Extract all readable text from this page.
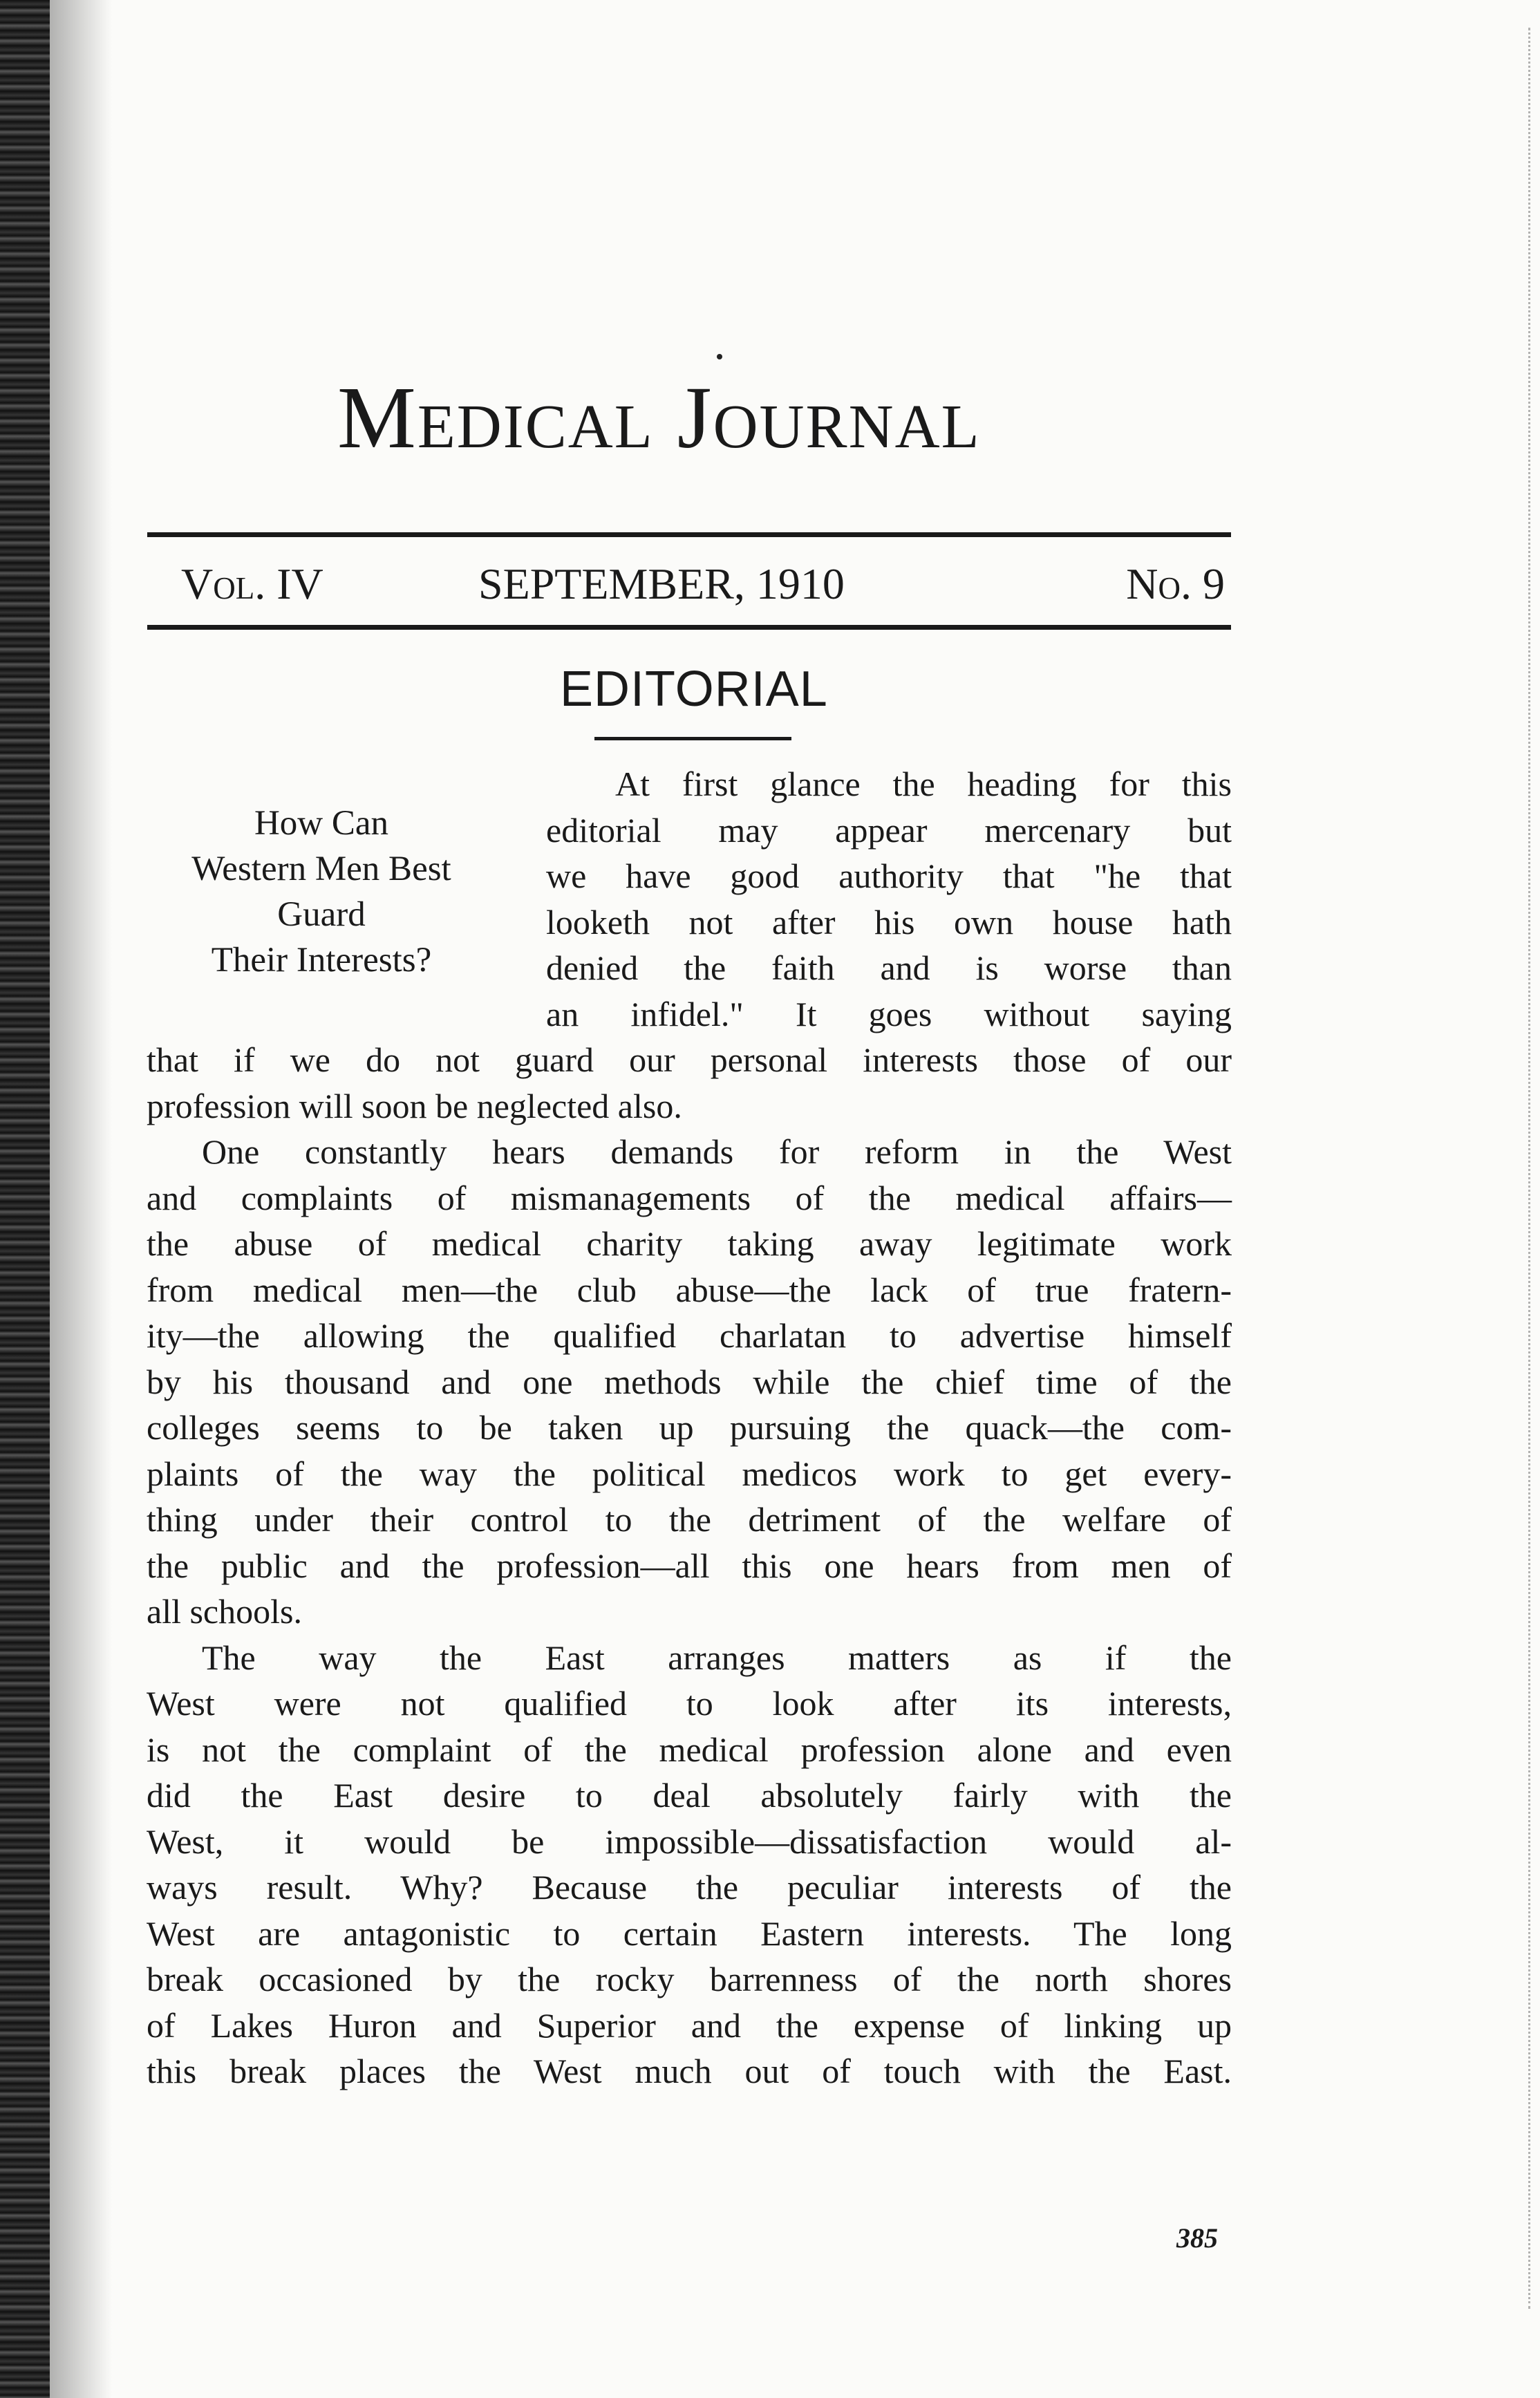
Medical Journal
Vol. IV	SEPTEMBER, 1910	No. 9
EDITORIAL
How Can
Western Men Best
Guard
Their Interests?
At first glance the heading for this
editorial may appear mercenary but
we have good authority that "he that
looketh not after his own house hath
denied the faith and is worse than
an infidel." It goes without saying
that if we do not guard our personal interests those of our
profession will soon be neglected also.
One constantly hears demands for reform in the West
and complaints of mismanagements of the medical affairs—
the abuse of medical charity taking away legitimate work
from medical men—the club abuse—the lack of true fratern-
ity—the allowing the qualified charlatan to advertise himself
by his thousand and one methods while the chief time of the
colleges seems to be taken up pursuing the quack—the com-
plaints of the way the political medicos work to get every-
thing under their control to the detriment of the welfare of
the public and the profession—all this one hears from men of
all schools.
The way the East arranges matters as if the
West were not qualified to look after its interests,
is not the complaint of the medical profession alone and even
did the East desire to deal absolutely fairly with the
West, it would be impossible—dissatisfaction would al-
ways result. Why? Because the peculiar interests of the
West are antagonistic to certain Eastern interests. The long
break occasioned by the rocky barrenness of the north shores
of Lakes Huron and Superior and the expense of linking up
this break places the West much out of touch with the East.
385
